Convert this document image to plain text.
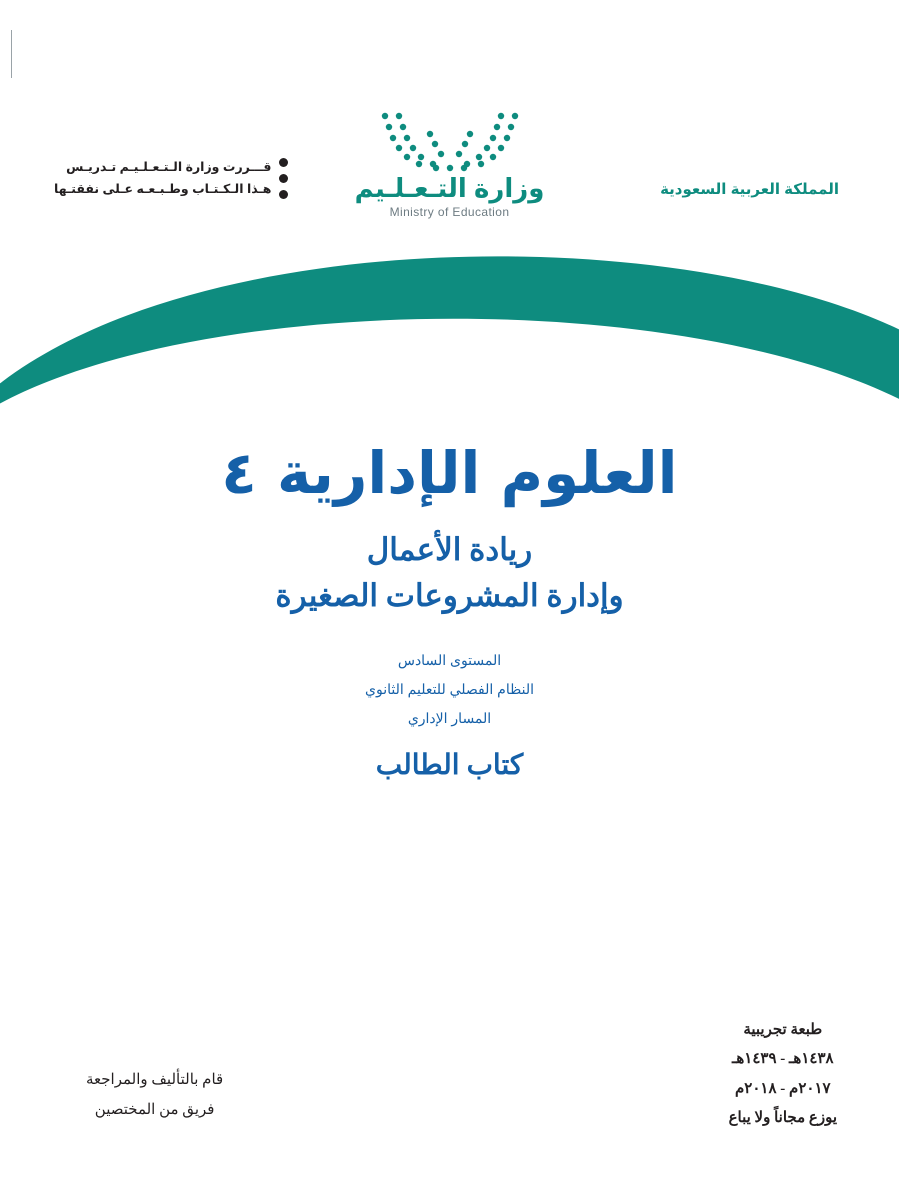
المملكة العربية السعودية
وزارة التـعـلـيم
Ministry of Education
قـــررت وزارة الـتـعـلـيـم تـدريـس
هـذا الـكـتـاب وطـبـعـه عـلى نفقتـها
العلوم الإدارية ٤
ريادة الأعمال
وإدارة المشروعات الصغيرة
المستوى السادس
النظام الفصلي للتعليم الثانوي
المسار الإداري
كتاب الطالب
طبعة تجريبية
١٤٣٨هـ - ١٤٣٩هـ
٢٠١٧م - ٢٠١٨م
يوزع مجاناً ولا يباع
قام بالتأليف والمراجعة
فريق من المختصين
